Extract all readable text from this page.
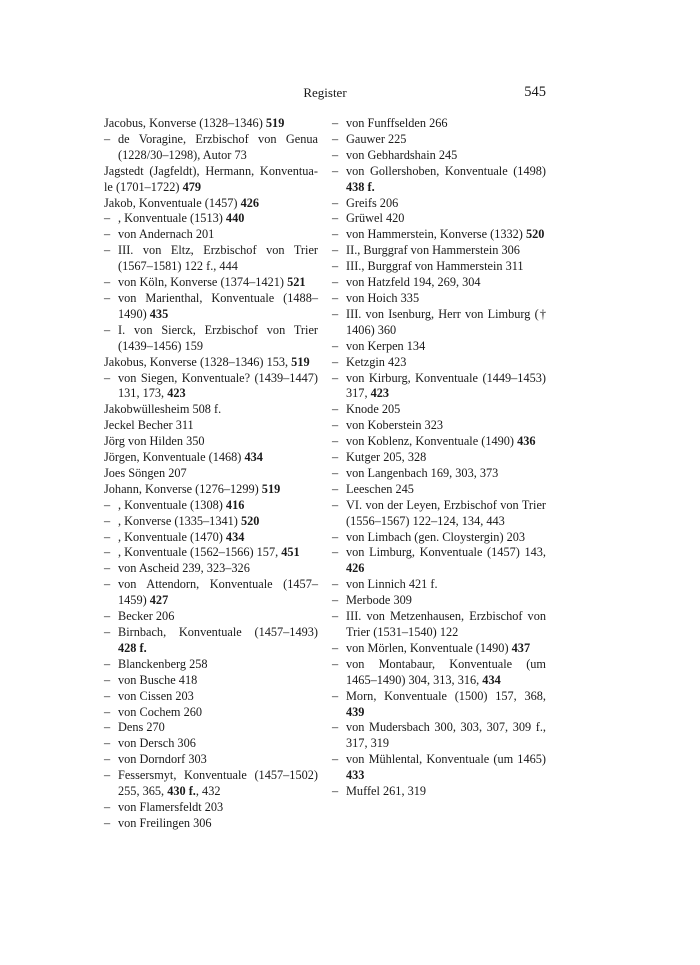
Register	545

Jacobus, Konverse (1328–1346) 519

– de Voragine, Erzbischof von Genua (1228/30–1298), Autor 73

Jagstedt (Jagfeldt), Hermann, Konventua-le (1701–1722) 479

Jakob, Konventuale (1457) 426

– , Konventuale (1513) 440

– von Andernach 201

– III. von Eltz, Erzbischof von Trier (1567–1581) 122 f., 444

– von Köln, Konverse (1374–1421) 521

– von Marienthal, Konventuale (1488–1490) 435

– I. von Sierck, Erzbischof von Trier (1439–1456) 159

Jakobus, Konverse (1328–1346) 153, 519

– von Siegen, Konventuale? (1439–1447) 131, 173, 423

Jakobwüllesheim 508 f.

Jeckel Becher 311

Jörg von Hilden 350

Jörgen, Konventuale (1468) 434

Joes Söngen 207

Johann, Konverse (1276–1299) 519

– , Konventuale (1308) 416

– , Konverse (1335–1341) 520

– , Konventuale (1470) 434

– , Konventuale (1562–1566) 157, 451

– von Ascheid 239, 323–326

– von Attendorn, Konventuale (1457–1459) 427

– Becker 206

– Birnbach, Konventuale (1457–1493) 428 f.

– Blanckenberg 258

– von Busche 418

– von Cissen 203

– von Cochem 260

– Dens 270

– von Dersch 306

– von Dorndorf 303

– Fessersmyt, Konventuale (1457–1502) 255, 365, 430 f., 432

– von Flamersfeldt 203

– von Freilingen 306

– von Funffselden 266

– Gauwer 225

– von Gebhardshain 245

– von Gollershoben, Konventuale (1498) 438 f.

– Greifs 206

– Grüwel 420

– von Hammerstein, Konverse (1332) 520

– II., Burggraf von Hammerstein 306

– III., Burggraf von Hammerstein 311

– von Hatzfeld 194, 269, 304

– von Hoich 335

– III. von Isenburg, Herr von Limburg († 1406) 360

– von Kerpen 134

– Ketzgin 423

– von Kirburg, Konventuale (1449–1453) 317, 423

– Knode 205

– von Koberstein 323

– von Koblenz, Konventuale (1490) 436

– Kutger 205, 328

– von Langenbach 169, 303, 373

– Leeschen 245

– VI. von der Leyen, Erzbischof von Trier (1556–1567) 122–124, 134, 443

– von Limbach (gen. Cloystergin) 203

– von Limburg, Konventuale (1457) 143, 426

– von Linnich 421 f.

– Merbode 309

– III. von Metzenhausen, Erzbischof von Trier (1531–1540) 122

– von Mörlen, Konventuale (1490) 437

– von Montabaur, Konventuale (um 1465–1490) 304, 313, 316, 434

– Morn, Konventuale (1500) 157, 368, 439

– von Mudersbach 300, 303, 307, 309 f., 317, 319

– von Mühlental, Konventuale (um 1465) 433

– Muffel 261, 319
